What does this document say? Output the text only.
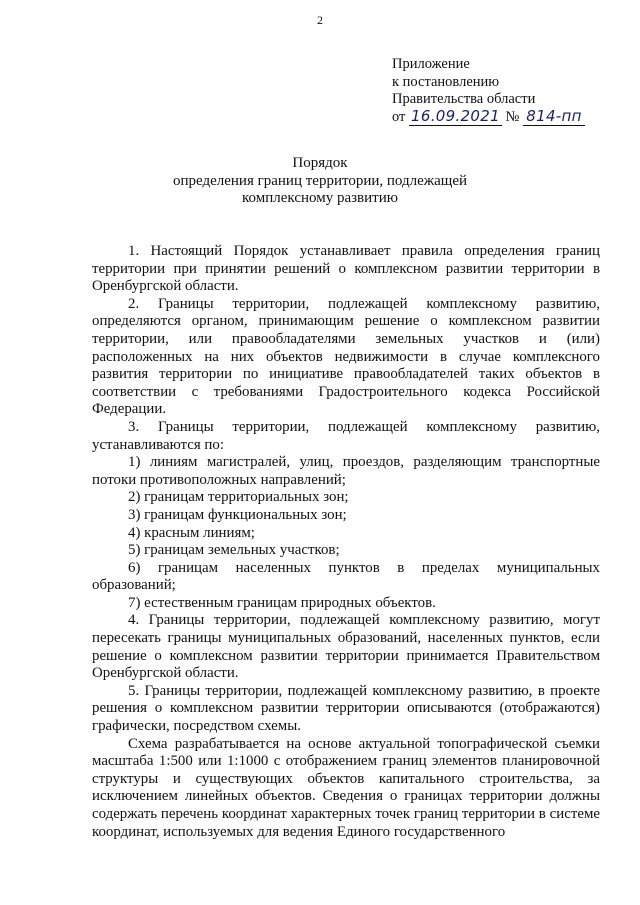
2
Приложение
к постановлению
Правительства области
от 16.09.2021 № 814-пп
Порядок
определения границ территории, подлежащей
комплексному развитию

1. Настоящий Порядок устанавливает правила определения границ территории при принятии решений о комплексном развитии территории в Оренбургской области.

2. Границы территории, подлежащей комплексному развитию, определяются органом, принимающим решение о комплексном развитии территории, или правообладателями земельных участков и (или) расположенных на них объектов недвижимости в случае комплексного развития территории по инициативе правообладателей таких объектов в соответствии с требованиями Градостроительного кодекса Российской Федерации.

3. Границы территории, подлежащей комплексному развитию, устанавливаются по:

1) линиям магистралей, улиц, проездов, разделяющим транспортные потоки противоположных направлений;

2) границам территориальных зон;

3) границам функциональных зон;

4) красным линиям;

5) границам земельных участков;

6) границам населенных пунктов в пределах муниципальных образований;

7) естественным границам природных объектов.

4. Границы территории, подлежащей комплексному развитию, могут пересекать границы муниципальных образований, населенных пунктов, если решение о комплексном развитии территории принимается Правительством Оренбургской области.

5. Границы территории, подлежащей комплексному развитию, в проекте решения о комплексном развитии территории описываются (отображаются) графически, посредством схемы.

Схема разрабатывается на основе актуальной топографической съемки масштаба 1:500 или 1:1000 с отображением границ элементов планировочной структуры и существующих объектов капитального строительства, за исключением линейных объектов. Сведения о границах территории должны содержать перечень координат характерных точек границ территории в системе координат, используемых для ведения Единого государственного
